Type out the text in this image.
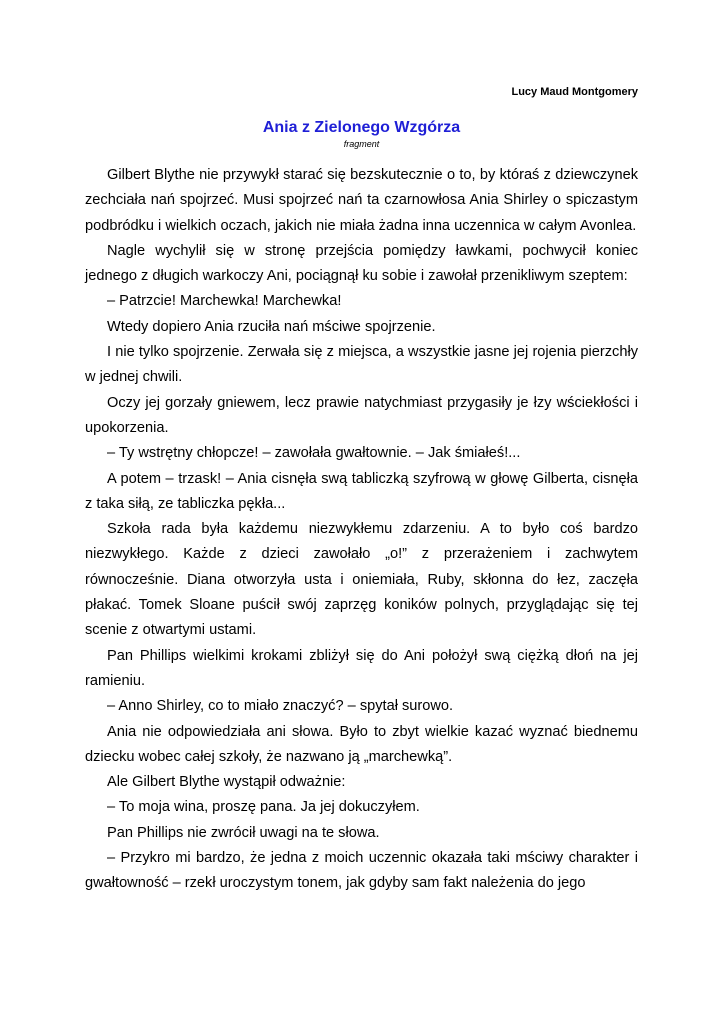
Lucy Maud Montgomery
Ania z Zielonego Wzgórza
fragment

Gilbert Blythe nie przywykł starać się bezskutecznie o to, by któraś z dziewczynek zechciała nań spojrzeć. Musi spojrzeć nań ta czarnowłosa Ania Shirley o spiczastym podbródku i wielkich oczach, jakich nie miała żadna inna uczennica w całym Avonlea.

Nagle wychylił się w stronę przejścia pomiędzy ławkami, pochwycił koniec jednego z długich warkoczy Ani, pociągnął ku sobie i zawołał przenikliwym szeptem:

– Patrzcie! Marchewka! Marchewka!

Wtedy dopiero Ania rzuciła nań mściwe spojrzenie.

I nie tylko spojrzenie. Zerwała się z miejsca, a wszystkie jasne jej rojenia pierzchły w jednej chwili.

Oczy jej gorzały gniewem, lecz prawie natychmiast przygasiły je łzy wściekłości i upokorzenia.

– Ty wstrętny chłopcze! – zawołała gwałtownie. – Jak śmiałeś!...

A potem – trzask! – Ania cisnęła swą tabliczką szyfrową w głowę Gilberta, cisnęła z taka siłą, ze tabliczka pękła...

Szkoła rada była każdemu niezwykłemu zdarzeniu. A to było coś bardzo niezwykłego. Każde z dzieci zawołało „o!” z przerażeniem i zachwytem równocześnie. Diana otworzyła usta i oniemiała, Ruby, skłonna do łez, zaczęła płakać. Tomek Sloane puścił swój zaprzęg koników polnych, przyglądając się tej scenie z otwartymi ustami.

Pan Phillips wielkimi krokami zbliżył się do Ani położył swą ciężką dłoń na jej ramieniu.

– Anno Shirley, co to miało znaczyć? – spytał surowo.

Ania nie odpowiedziała ani słowa. Było to zbyt wielkie kazać wyznać biednemu dziecku wobec całej szkoły, że nazwano ją „marchewką”.

Ale Gilbert Blythe wystąpił odważnie:

– To moja wina, proszę pana. Ja jej dokuczyłem.

Pan Phillips nie zwrócił uwagi na te słowa.

– Przykro mi bardzo, że jedna z moich uczennic okazała taki mściwy charakter i gwałtowność – rzekł uroczystym tonem, jak gdyby sam fakt należenia do jego
